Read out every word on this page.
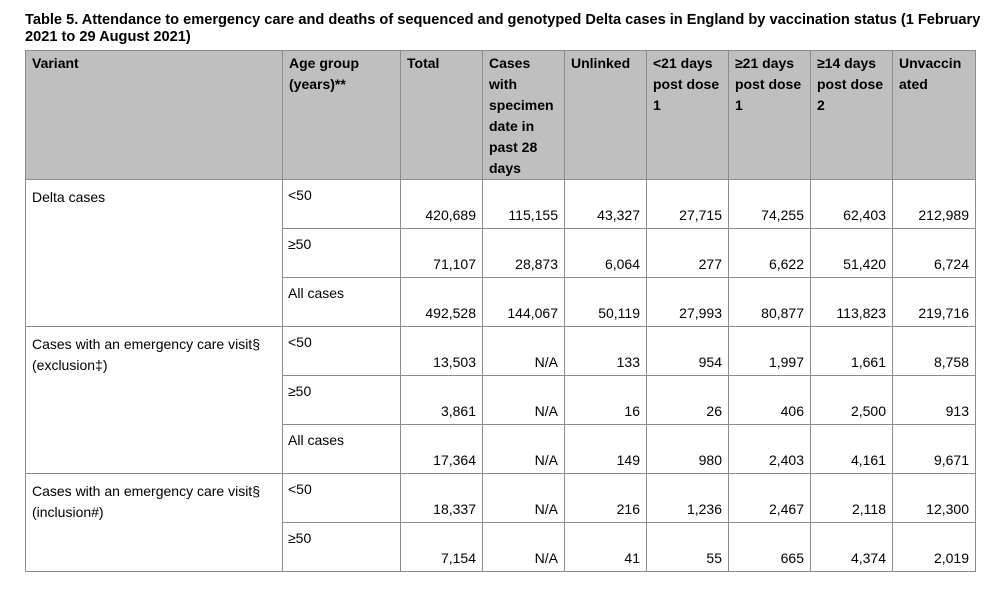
Table 5. Attendance to emergency care and deaths of sequenced and genotyped Delta cases in England by vaccination status (1 February 2021 to 29 August 2021)
Variant	Age group (years)**	Total	Cases with specimen date in past 28 days	Unlinked	<21 days post dose 1	≥21 days post dose 1	≥14 days post dose 2	Unvaccin ated
Delta cases	<50	420,689	115,155	43,327	27,715	74,255	62,403	212,989
	≥50	71,107	28,873	6,064	277	6,622	51,420	6,724
	All cases	492,528	144,067	50,119	27,993	80,877	113,823	219,716
Cases with an emergency care visit§ (exclusion‡)	<50	13,503	N/A	133	954	1,997	1,661	8,758
	≥50	3,861	N/A	16	26	406	2,500	913
	All cases	17,364	N/A	149	980	2,403	4,161	9,671
Cases with an emergency care visit§ (inclusion#)	<50	18,337	N/A	216	1,236	2,467	2,118	12,300
	≥50	7,154	N/A	41	55	665	4,374	2,019
